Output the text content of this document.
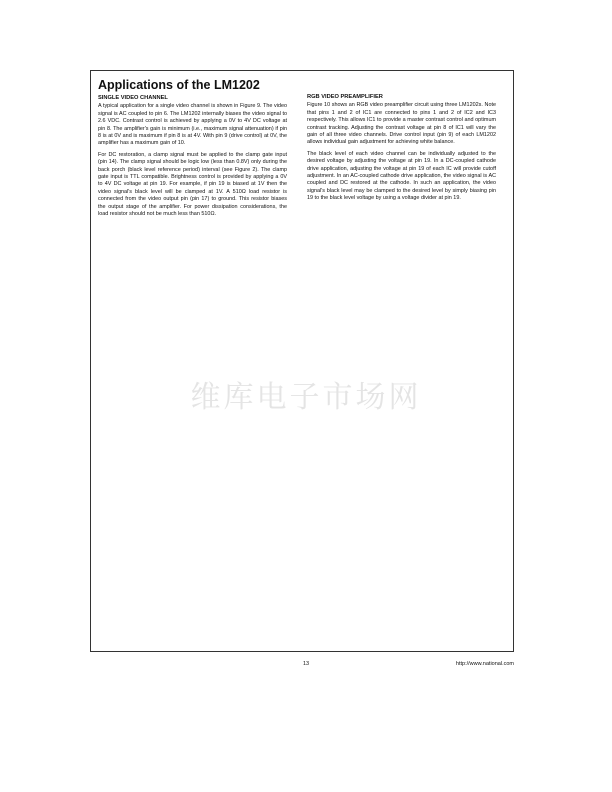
Applications of the LM1202
SINGLE VIDEO CHANNEL

A typical application for a single video channel is shown in Figure 9. The video signal is AC coupled to pin 6. The LM1202 internally biases the video signal to 2.6 VDC. Contrast control is achieved by applying a 0V to 4V DC voltage at pin 8. The amplifier's gain is minimum (i.e., maximum signal attenuation) if pin 8 is at 0V and is maximum if pin 8 is at 4V. With pin 9 (drive control) at 0V, the amplifier has a maximum gain of 10.

For DC restoration, a clamp signal must be applied to the clamp gate input (pin 14). The clamp signal should be logic low (less than 0.8V) only during the back porch (black level reference period) interval (see Figure 2). The clamp gate input is TTL compatible. Brightness control is provided by applying a 0V to 4V DC voltage at pin 19. For example, if pin 19 is biased at 1V then the video signal's black level will be clamped at 1V. A 510Ω load resistor is connected from the video output pin (pin 17) to ground. This resistor biases the output stage of the amplifier. For power dissipation considerations, the load resistor should not be much less than 510Ω.

RGB VIDEO PREAMPLIFIER

Figure 10 shows an RGB video preamplifier circuit using three LM1202s. Note that pins 1 and 2 of IC1 are connected to pins 1 and 2 of IC2 and IC3 respectively. This allows IC1 to provide a master contrast control and optimum contrast tracking. Adjusting the contrast voltage at pin 8 of IC1 will vary the gain of all three video channels. Drive control input (pin 9) of each LM1202 allows individual gain adjustment for achieving white balance.

The black level of each video channel can be individually adjusted to the desired voltage by adjusting the voltage at pin 19. In a DC-coupled cathode drive application, adjusting the voltage at pin 19 of each IC will provide cutoff adjustment. In an AC-coupled cathode drive application, the video signal is AC coupled and DC restored at the cathode. In such an application, the video signal's black level may be clamped to the desired level by simply biasing pin 19 to the black level voltage by using a voltage divider at pin 19.

维库电子市场网
13	http://www.national.com
